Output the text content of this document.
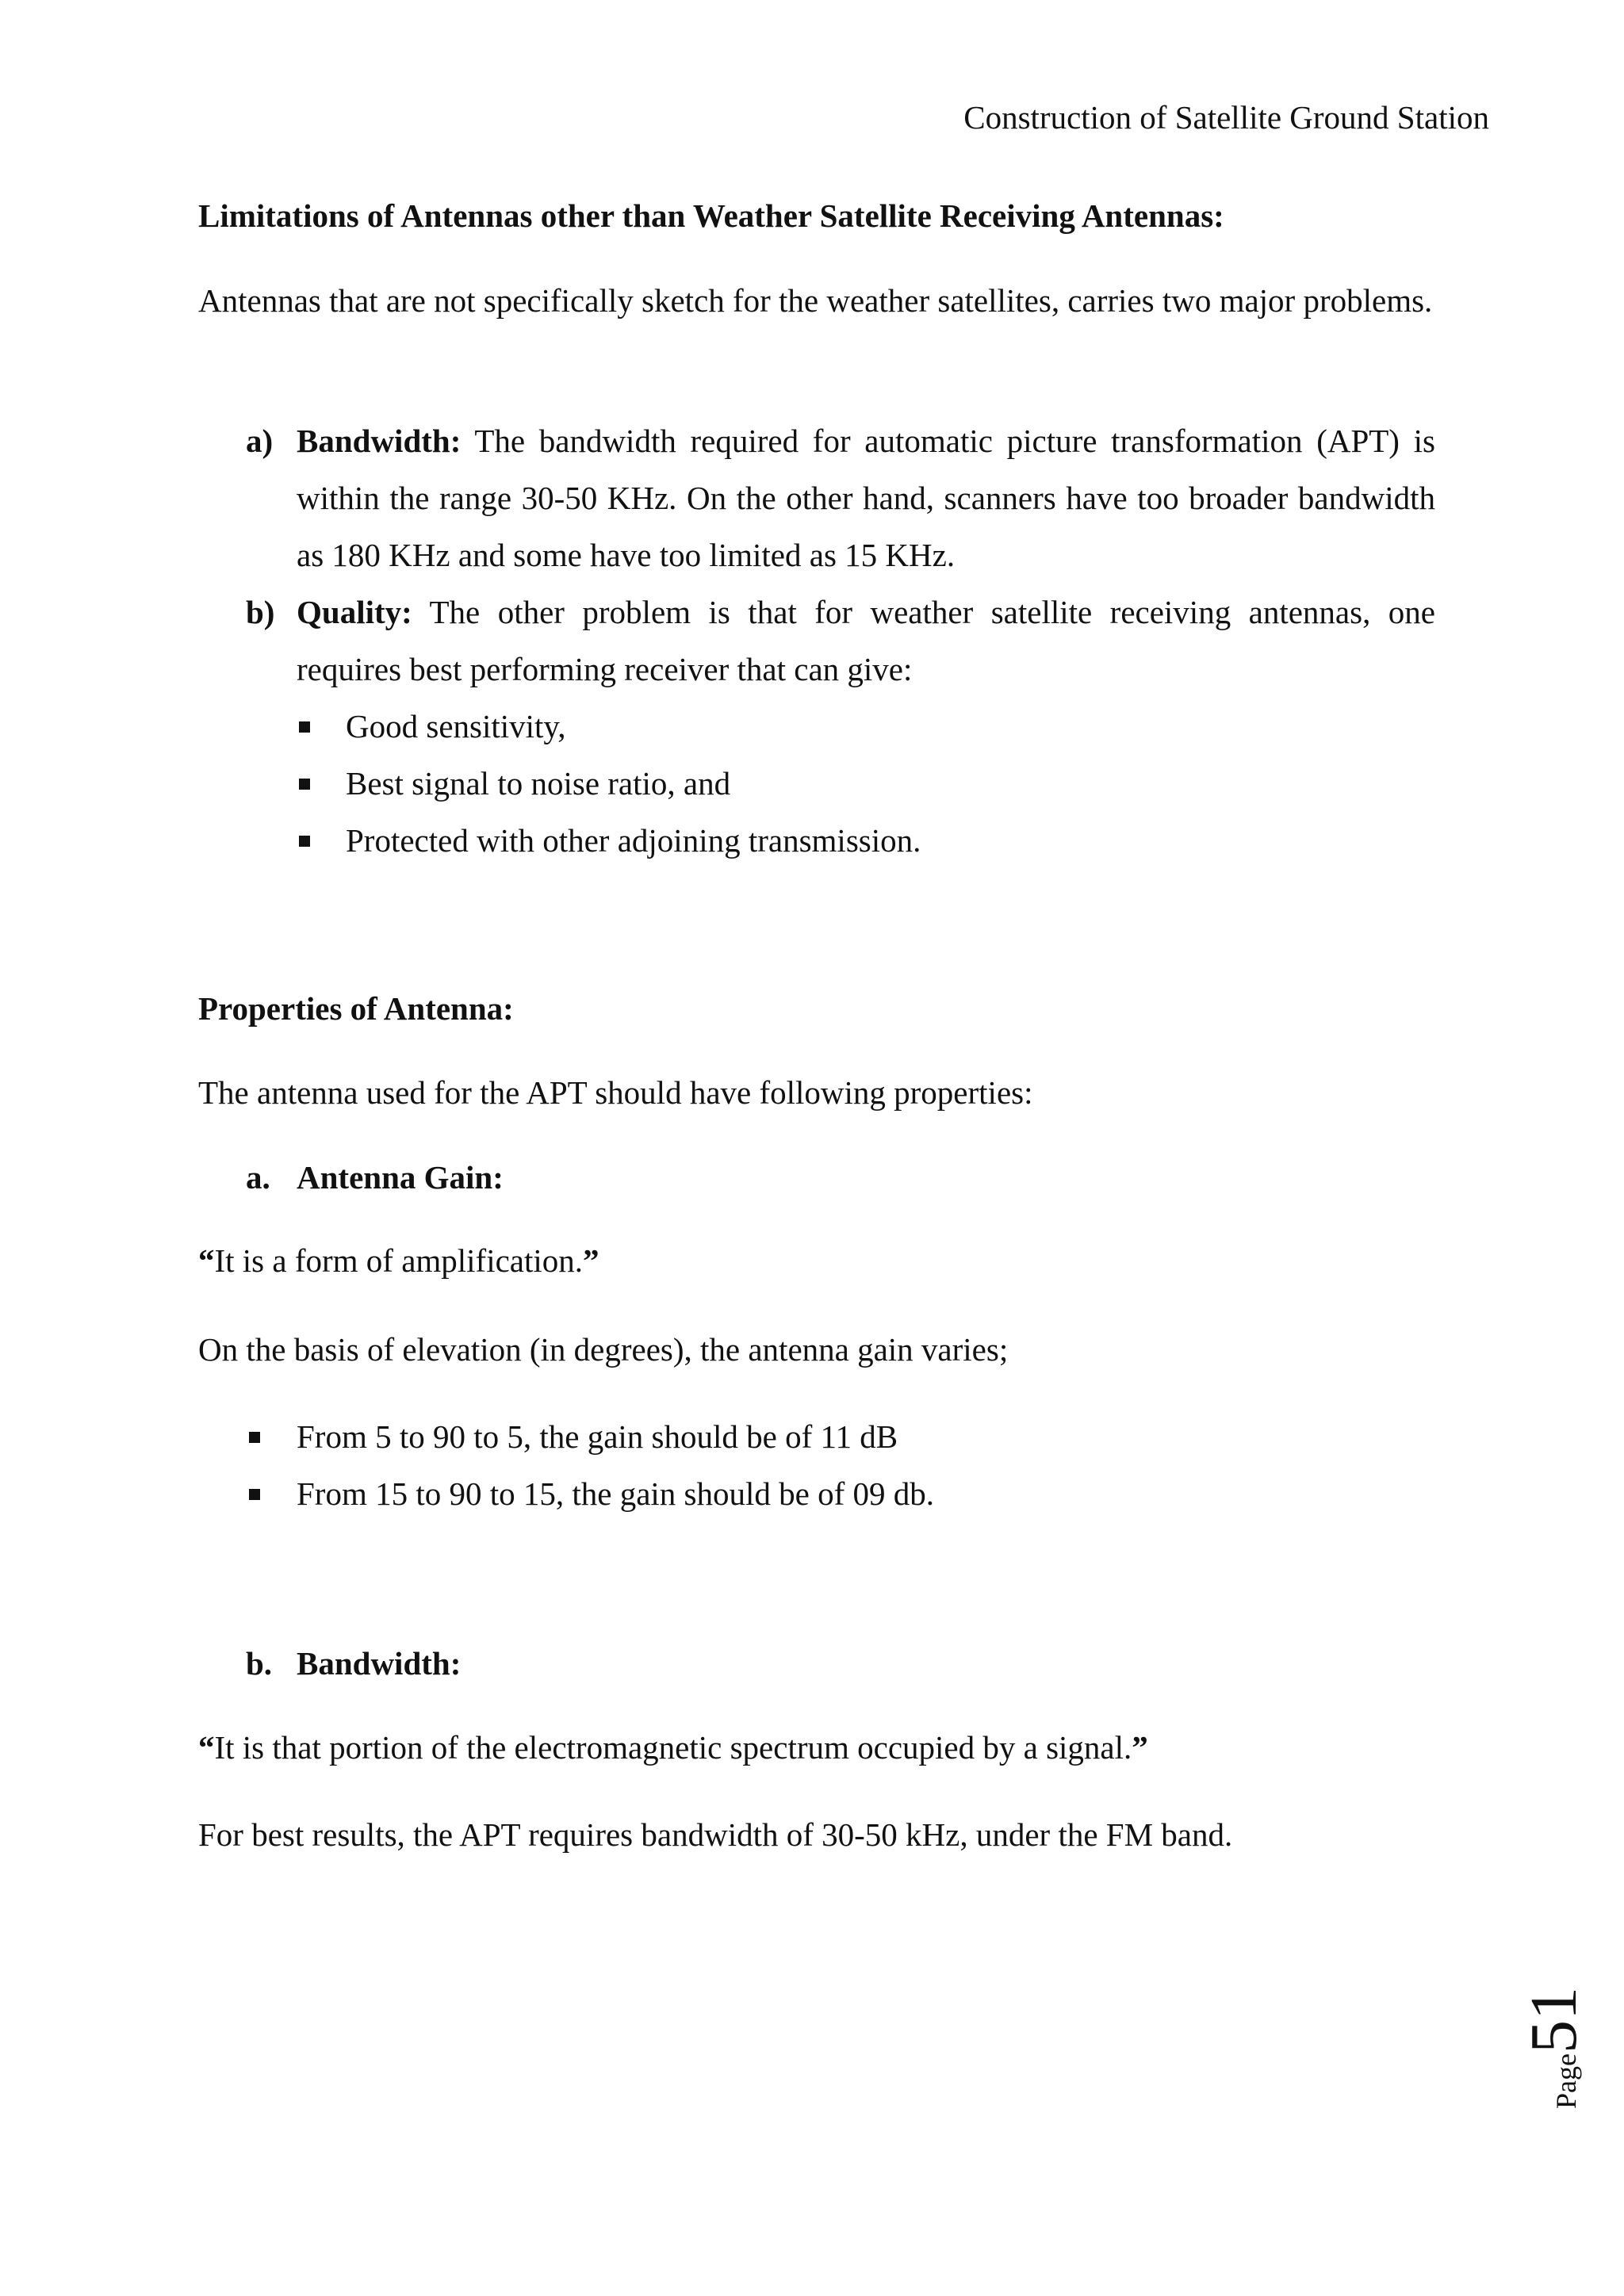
Construction of Satellite Ground Station
Limitations of Antennas other than Weather Satellite Receiving Antennas:

Antennas that are not specifically sketch for the weather satellites, carries two major problems.

a) Bandwidth: The bandwidth required for automatic picture transformation (APT) is
within the range 30-50 KHz. On the other hand, scanners have too broader bandwidth
as 180 KHz and some have too limited as 15 KHz.
b) Quality: The other problem is that for weather satellite receiving antennas, one
requires best performing receiver that can give:
Good sensitivity,
Best signal to noise ratio, and
Protected with other adjoining transmission.
Properties of Antenna:
The antenna used for the APT should have following properties:
a. Antenna Gain:
“It is a form of amplification.”
On the basis of elevation (in degrees), the antenna gain varies;
From 5 to 90 to 5, the gain should be of 11 dB
From 15 to 90 to 15, the gain should be of 09 db.
b. Bandwidth:
“It is that portion of the electromagnetic spectrum occupied by a signal.”
For best results, the APT requires bandwidth of 30-50 kHz, under the FM band.
Page51
